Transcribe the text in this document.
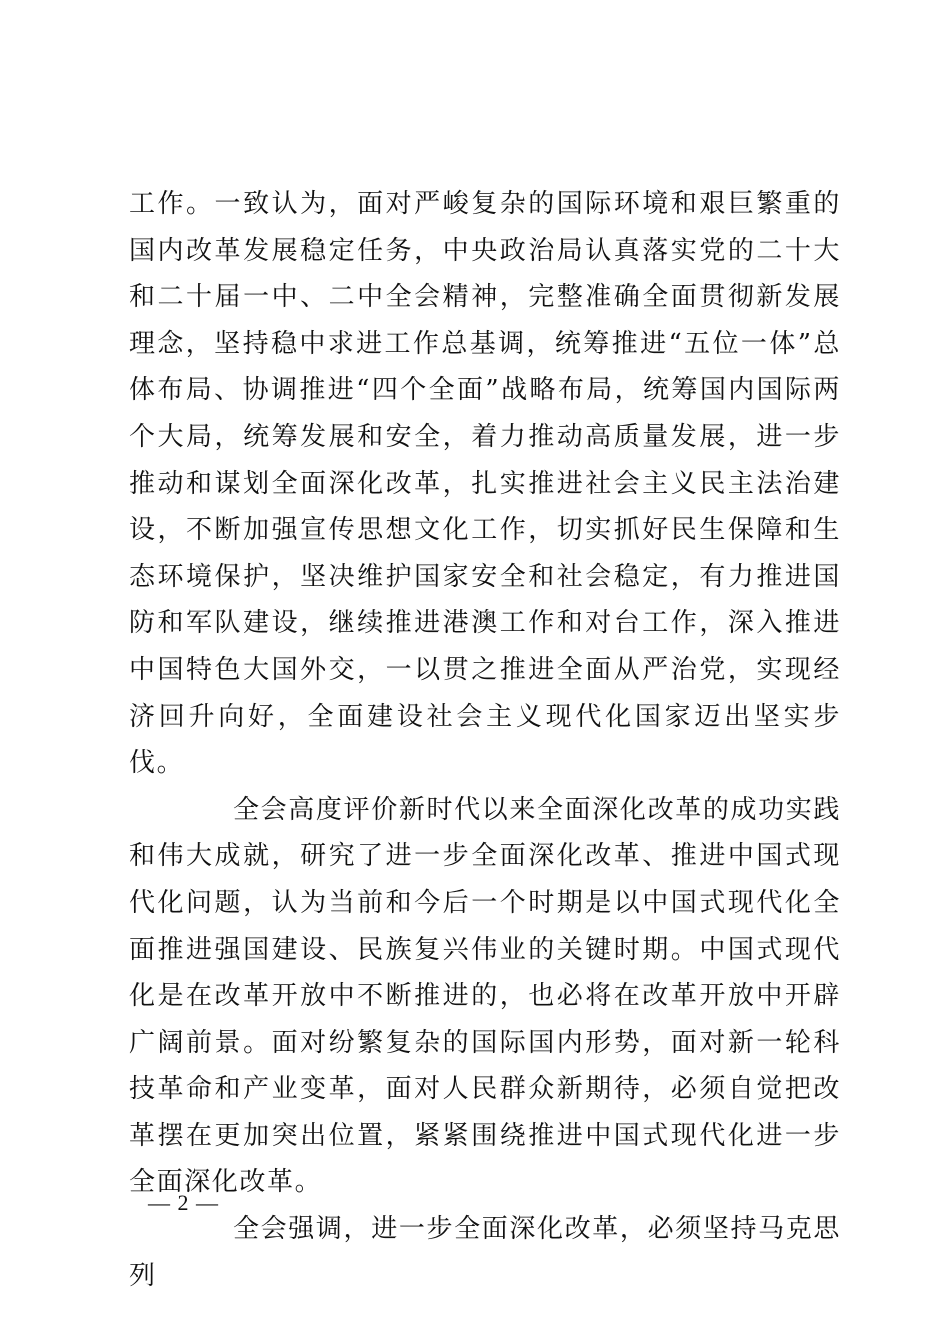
工作。一致认为，面对严峻复杂的国际环境和艰巨繁重的国内改革发展稳定任务，中央政治局认真落实党的二十大和二十届一中、二中全会精神，完整准确全面贯彻新发展理念，坚持稳中求进工作总基调，统筹推进“五位一体”总体布局、协调推进“四个全面”战略布局，统筹国内国际两个大局，统筹发展和安全，着力推动高质量发展，进一步推动和谋划全面深化改革，扎实推进社会主义民主法治建设，不断加强宣传思想文化工作，切实抓好民生保障和生态环境保护，坚决维护国家安全和社会稳定，有力推进国防和军队建设，继续推进港澳工作和对台工作，深入推进中国特色大国外交，一以贯之推进全面从严治党，实现经济回升向好，全面建设社会主义现代化国家迈出坚实步伐。

全会高度评价新时代以来全面深化改革的成功实践和伟大成就，研究了进一步全面深化改革、推进中国式现代化问题，认为当前和今后一个时期是以中国式现代化全面推进强国建设、民族复兴伟业的关键时期。中国式现代化是在改革开放中不断推进的，也必将在改革开放中开辟广阔前景。面对纷繁复杂的国际国内形势，面对新一轮科技革命和产业变革，面对人民群众新期待，必须自觉把改革摆在更加突出位置，紧紧围绕推进中国式现代化进一步全面深化改革。

全会强调，进一步全面深化改革，必须坚持马克思列

— 2 —
